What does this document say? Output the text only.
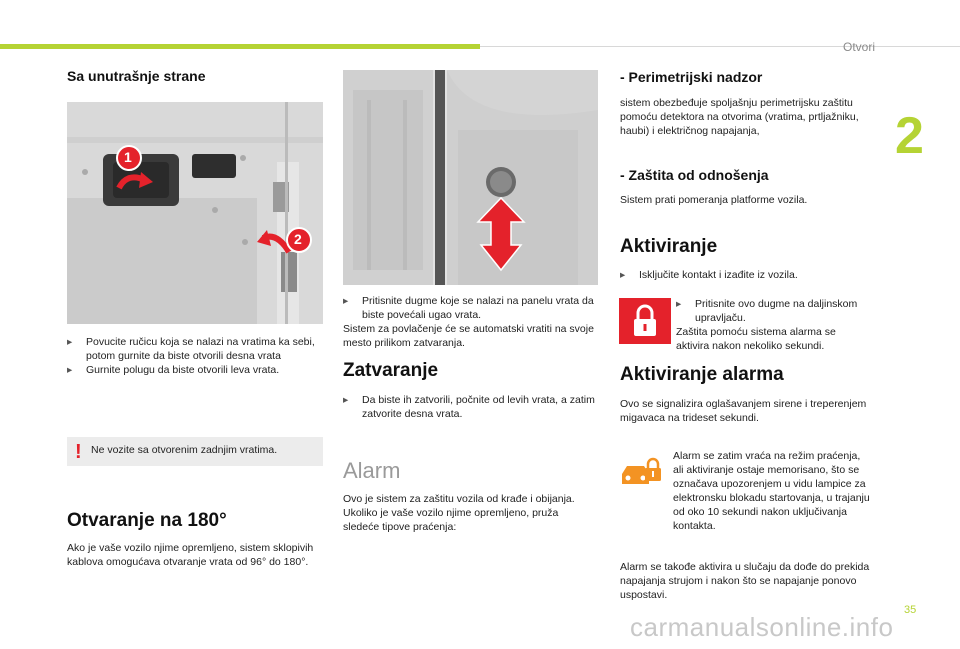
Otvori
2
Sa unutrašnje strane
1
2
▸ Povucite ručicu koja se nalazi na vratima ka sebi, potom gurnite da biste otvorili desna vrata
▸ Gurnite polugu da biste otvorili leva vrata.
! Ne vozite sa otvorenim zadnjim vratima.
Otvaranje na 180°
Ako je vaše vozilo njime opremljeno, sistem sklopivih kablova omogućava otvaranje vrata od 96° do 180°.
▸ Pritisnite dugme koje se nalazi na panelu vrata da biste povećali ugao vrata.
Sistem za povlačenje će se automatski vratiti na svoje mesto prilikom zatvaranja.
Zatvaranje
▸ Da biste ih zatvorili, počnite od levih vrata, a zatim zatvorite desna vrata.
Alarm
Ovo je sistem za zaštitu vozila od krađe i obijanja. Ukoliko je vaše vozilo njime opremljeno, pruža sledeće tipove praćenja:
- Perimetrijski nadzor
sistem obezbeđuje spoljašnju perimetrijsku zaštitu pomoću detektora na otvorima (vratima, prtljažniku, haubi) i električnog napajanja,
- Zaštita od odnošenja
Sistem prati pomeranja platforme vozila.
Aktiviranje
▸ Isključite kontakt i izađite iz vozila.
▸ Pritisnite ovo dugme na daljinskom upravljaču.
Zaštita pomoću sistema alarma se aktivira nakon nekoliko sekundi.
Aktiviranje alarma
Ovo se signalizira oglašavanjem sirene i treperenjem migavaca na trideset sekundi.
Alarm se zatim vraća na režim praćenja, ali aktiviranje ostaje memorisano, što se označava upozorenjem u vidu lampice za elektronsku blokadu startovanja, u trajanju od oko 10 sekundi nakon uključivanja kontakta.
Alarm se takođe aktivira u slučaju da dođe do prekida napajanja strujom i nakon što se napajanje ponovo uspostavi.
35
carmanualsonline.info
